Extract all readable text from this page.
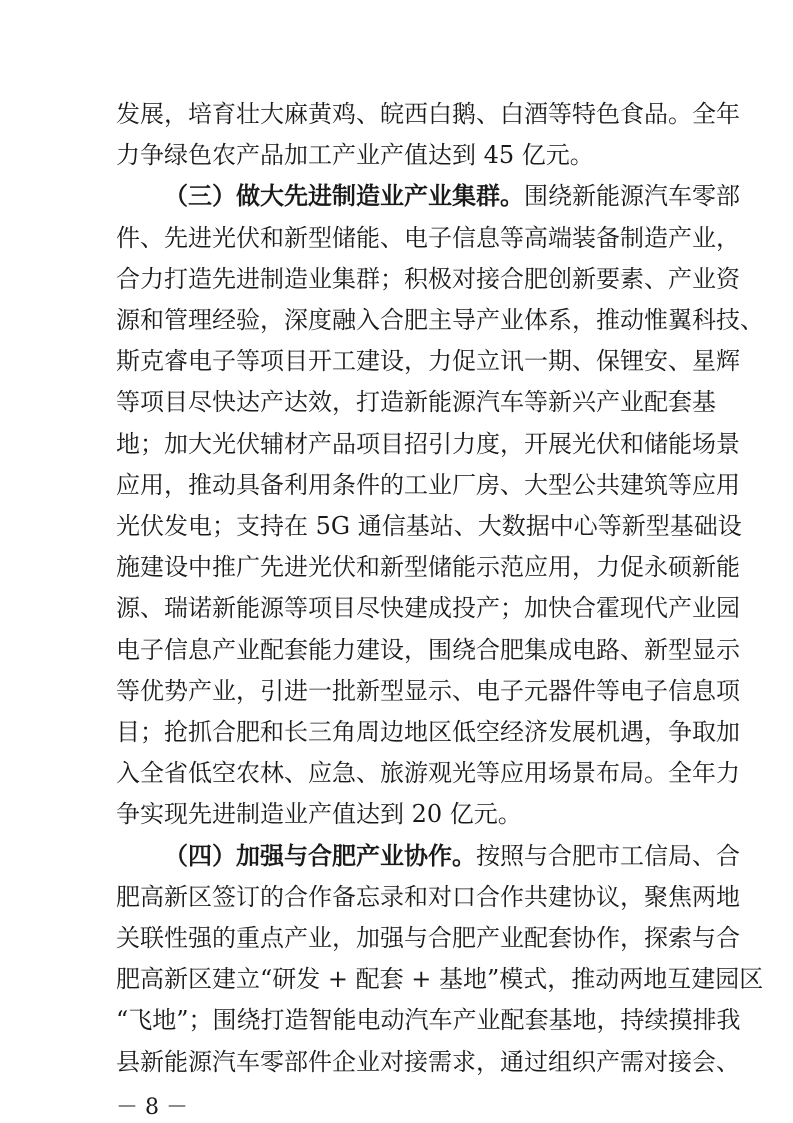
发展，培育壮大麻黄鸡、皖西白鹅、白酒等特色食品。全年
力争绿色农产品加工产业产值达到 45 亿元。
（三）做大先进制造业产业集群。围绕新能源汽车零部
件、先进光伏和新型储能、电子信息等高端装备制造产业，
合力打造先进制造业集群；积极对接合肥创新要素、产业资
源和管理经验，深度融入合肥主导产业体系，推动惟翼科技、
斯克睿电子等项目开工建设，力促立讯一期、保锂安、星辉
等项目尽快达产达效，打造新能源汽车等新兴产业配套基
地；加大光伏辅材产品项目招引力度，开展光伏和储能场景
应用，推动具备利用条件的工业厂房、大型公共建筑等应用
光伏发电；支持在 5G 通信基站、大数据中心等新型基础设
施建设中推广先进光伏和新型储能示范应用，力促永硕新能
源、瑞诺新能源等项目尽快建成投产；加快合霍现代产业园
电子信息产业配套能力建设，围绕合肥集成电路、新型显示
等优势产业，引进一批新型显示、电子元器件等电子信息项
目；抢抓合肥和长三角周边地区低空经济发展机遇，争取加
入全省低空农林、应急、旅游观光等应用场景布局。全年力
争实现先进制造业产值达到 20 亿元。
（四）加强与合肥产业协作。按照与合肥市工信局、合
肥高新区签订的合作备忘录和对口合作共建协议，聚焦两地
－ 8 －
关联性强的重点产业，加强与合肥产业配套协作，探索与合
肥高新区建立“研发 + 配套 + 基地”模式，推动两地互建园区
“飞地”；围绕打造智能电动汽车产业配套基地，持续摸排我
县新能源汽车零部件企业对接需求，通过组织产需对接会、
